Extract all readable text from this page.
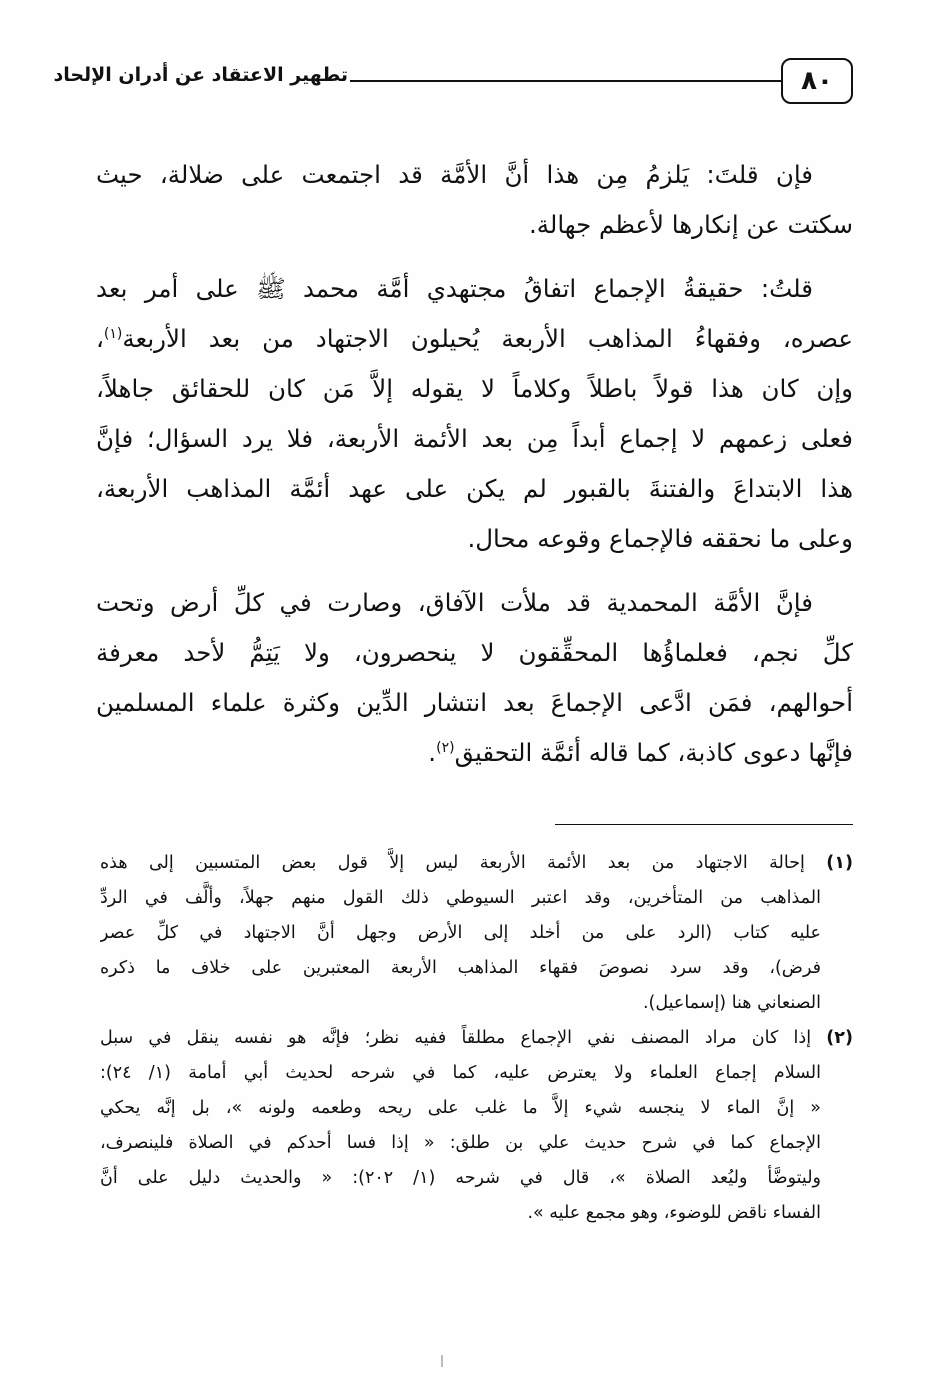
٨٠
تطهير الاعتقاد عن أدران الإلحاد
فإن قلتَ: يَلزمُ مِن هذا أنَّ الأمَّة قد اجتمعت على ضلالة، حيث
سكتت عن إنكارها لأعظم جهالة.
قلتُ: حقيقةُ الإجماع اتفاقُ مجتهدي أمَّة محمد ﷺ على أمر بعد
عصره، وفقهاءُ المذاهب الأربعة يُحيلون الاجتهاد من بعد الأربعة$^{(١)}$،
وإن كان هذا قولاً باطلاً وكلاماً لا يقوله إلاَّ مَن كان للحقائق جاهلاً،
فعلى زعمهم لا إجماع أبداً مِن بعد الأئمة الأربعة، فلا يرد السؤال؛ فإنَّ
هذا الابتداعَ والفتنةَ بالقبور لم يكن على عهد أئمَّة المذاهب الأربعة،
وعلى ما نحققه فالإجماع وقوعه محال.
فإنَّ الأمَّة المحمدية قد ملأت الآفاق، وصارت في كلِّ أرض وتحت
كلِّ نجم، فعلماؤُها المحقِّقون لا ينحصرون، ولا يَتِمُّ لأحد معرفة
أحوالهم، فمَن ادَّعى الإجماعَ بعد انتشار الدِّين وكثرة علماء المسلمين
فإنَّها دعوى كاذبة، كما قاله أئمَّة التحقيق$^{(٢)}$.
(١) إحالة الاجتهاد من بعد الأئمة الأربعة ليس إلاَّ قول بعض المتسبين إلى هذه
المذاهب من المتأخرين، وقد اعتبر السيوطي ذلك القول منهم جهلاً، وألَّف في الردِّ
عليه كتاب (الرد على من أخلد إلى الأرض وجهل أنَّ الاجتهاد في كلِّ عصر
فرض)، وقد سرد نصوصَ فقهاء المذاهب الأربعة المعتبرين على خلاف ما ذكره
الصنعاني هنا (إسماعيل).
(٢) إذا كان مراد المصنف نفي الإجماع مطلقاً ففيه نظر؛ فإنَّه هو نفسه ينقل في سبل
السلام إجماع العلماء ولا يعترض عليه، كما في شرحه لحديث أبي أمامة (١/ ٢٤):
« إنَّ الماء لا ينجسه شيء إلاَّ ما غلب على ريحه وطعمه ولونه »، بل إنَّه يحكي
الإجماع كما في شرح حديث علي بن طلق: « إذا فسا أحدكم في الصلاة فلينصرف،
وليتوضَّأ وليُعد الصلاة »، قال في شرحه (١/ ٢٠٢): « والحديث دليل على أنَّ
الفساء ناقض للوضوء، وهو مجمع عليه ».
